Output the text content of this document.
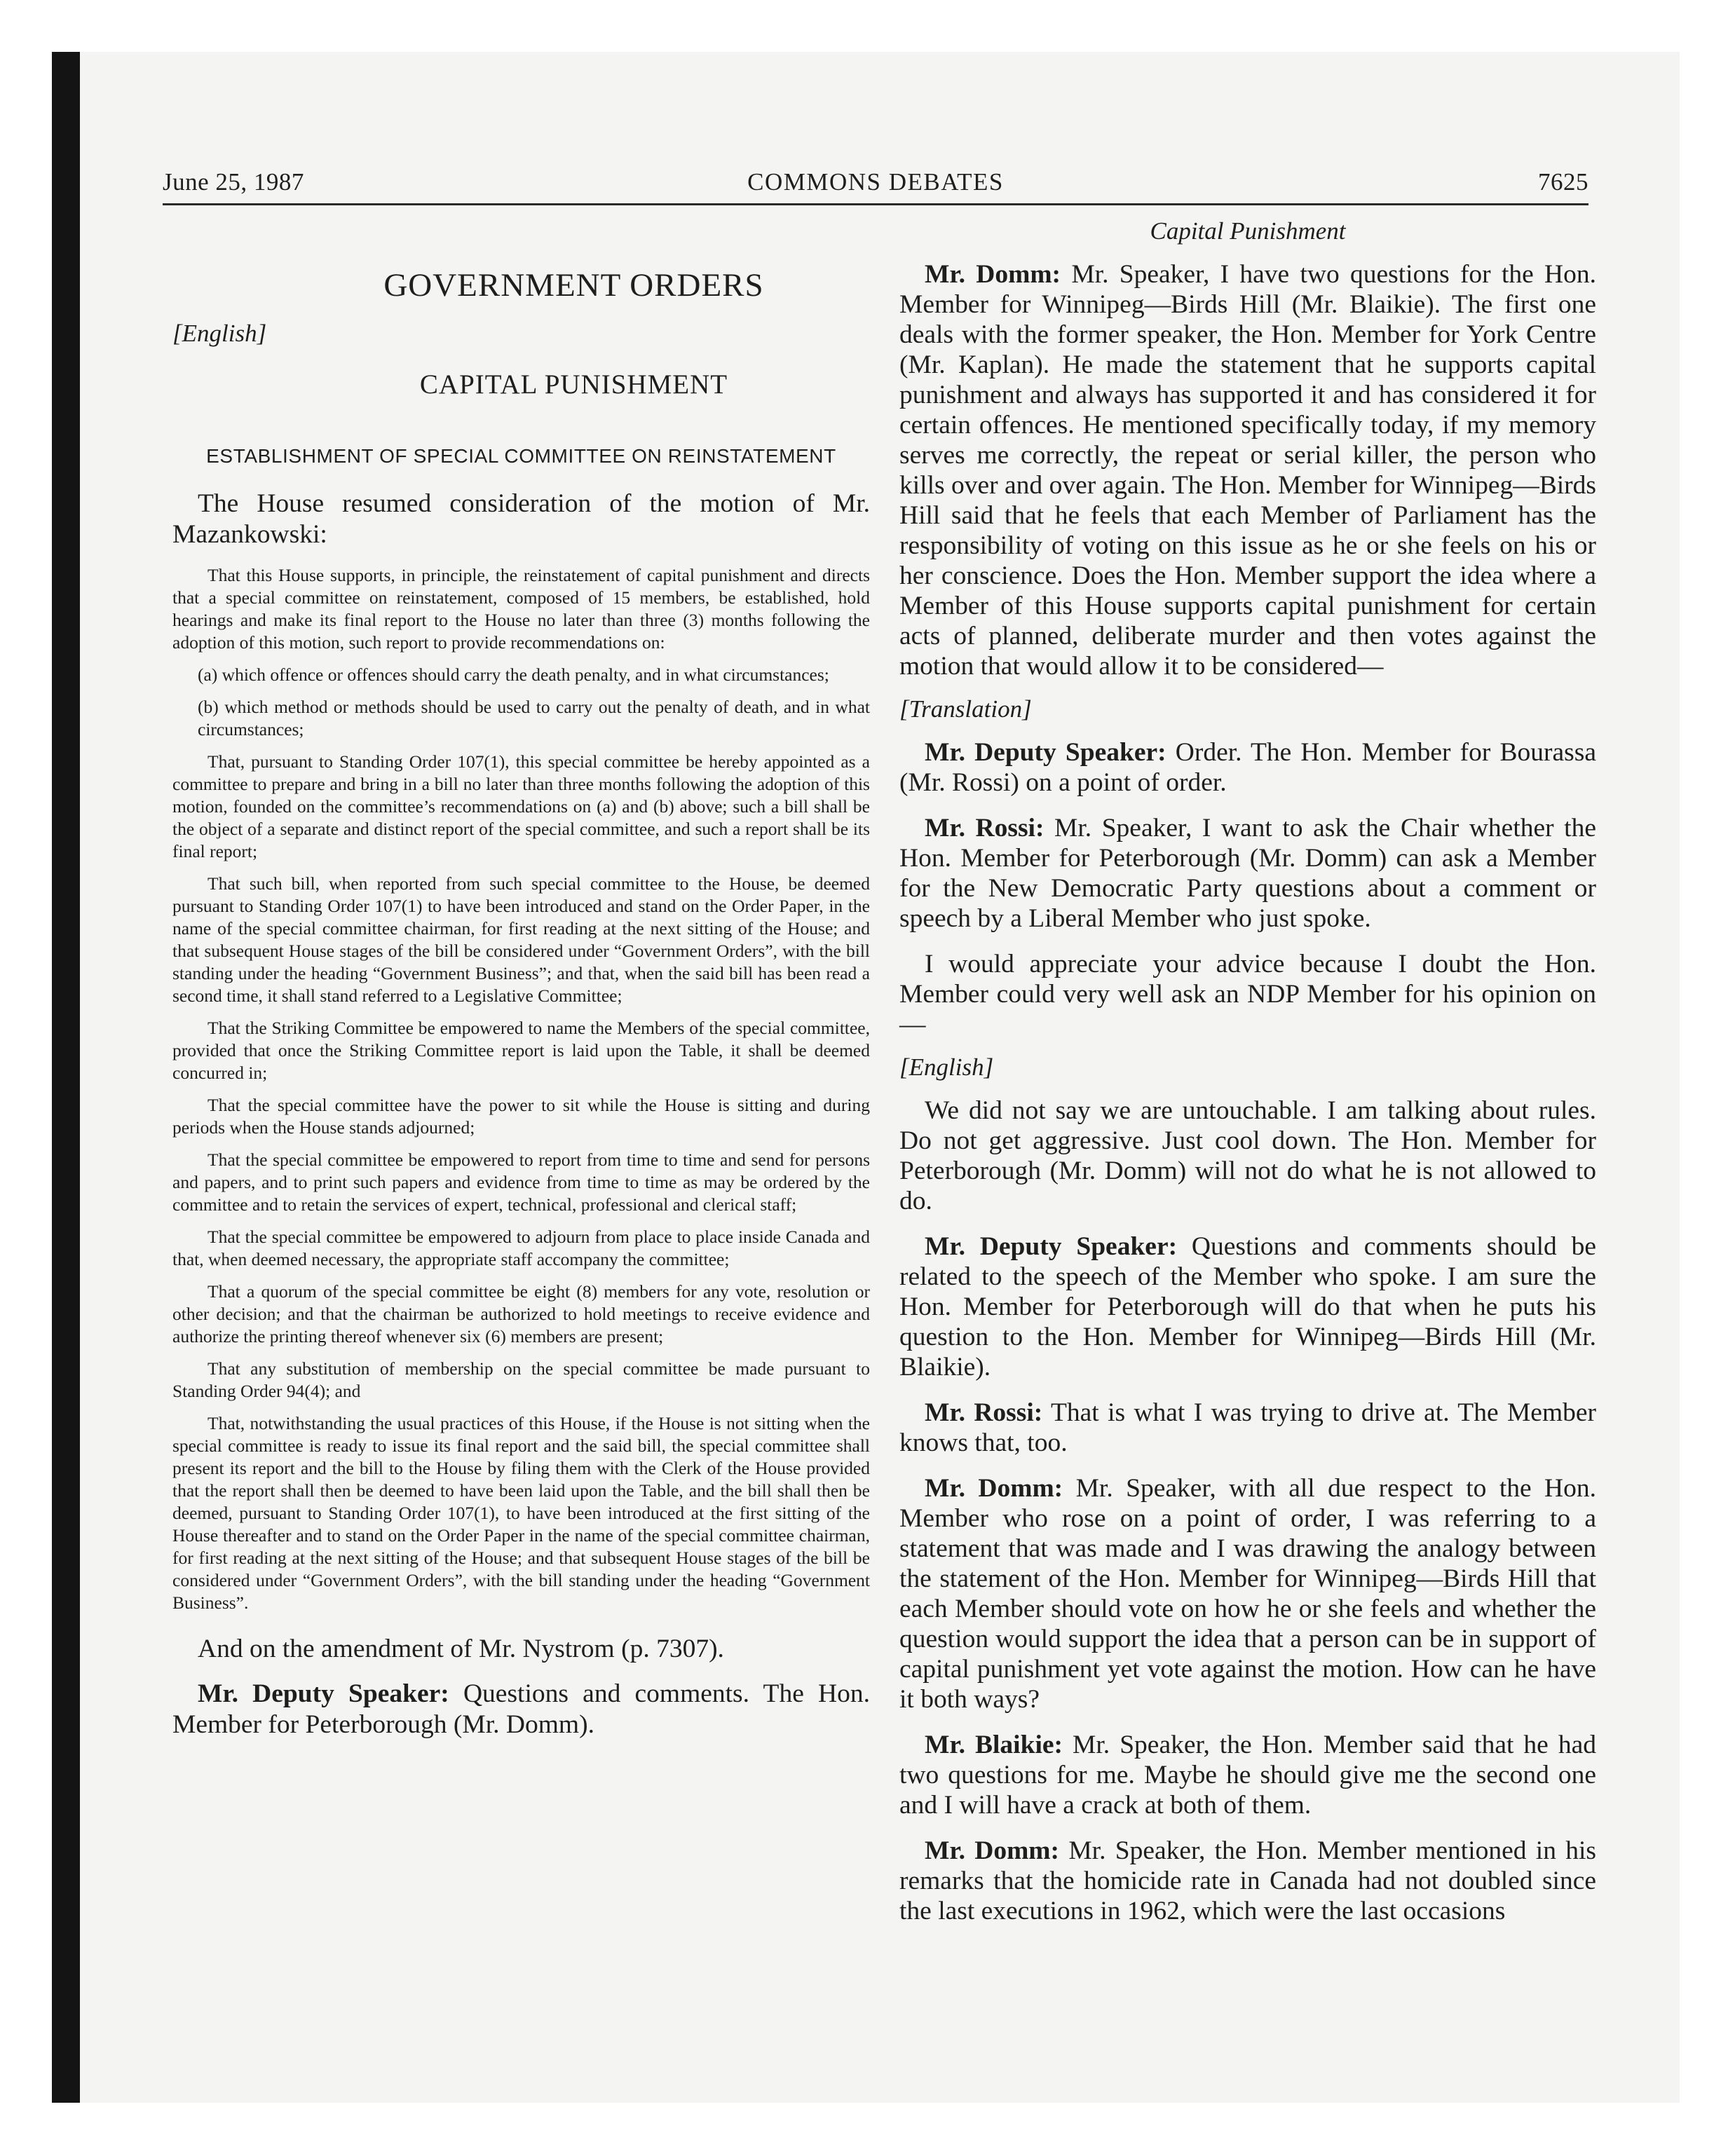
June 25, 1987	COMMONS DEBATES	7625
GOVERNMENT ORDERS
[English]
CAPITAL PUNISHMENT
ESTABLISHMENT OF SPECIAL COMMITTEE ON REINSTATEMENT

The House resumed consideration of the motion of Mr. Mazankowski:

That this House supports, in principle, the reinstatement of capital punishment and directs that a special committee on reinstatement, composed of 15 members, be established, hold hearings and make its final report to the House no later than three (3) months following the adoption of this motion, such report to provide recommendations on:

(a) which offence or offences should carry the death penalty, and in what circumstances;

(b) which method or methods should be used to carry out the penalty of death, and in what circumstances;

That, pursuant to Standing Order 107(1), this special committee be hereby appointed as a committee to prepare and bring in a bill no later than three months following the adoption of this motion, founded on the committee’s recommendations on (a) and (b) above; such a bill shall be the object of a separate and distinct report of the special committee, and such a report shall be its final report;

That such bill, when reported from such special committee to the House, be deemed pursuant to Standing Order 107(1) to have been introduced and stand on the Order Paper, in the name of the special committee chairman, for first reading at the next sitting of the House; and that subsequent House stages of the bill be considered under “Government Orders”, with the bill standing under the heading “Government Business”; and that, when the said bill has been read a second time, it shall stand referred to a Legislative Committee;

That the Striking Committee be empowered to name the Members of the special committee, provided that once the Striking Committee report is laid upon the Table, it shall be deemed concurred in;

That the special committee have the power to sit while the House is sitting and during periods when the House stands adjourned;

That the special committee be empowered to report from time to time and send for persons and papers, and to print such papers and evidence from time to time as may be ordered by the committee and to retain the services of expert, technical, professional and clerical staff;

That the special committee be empowered to adjourn from place to place inside Canada and that, when deemed necessary, the appropriate staff accompany the committee;

That a quorum of the special committee be eight (8) members for any vote, resolution or other decision; and that the chairman be authorized to hold meetings to receive evidence and authorize the printing thereof whenever six (6) members are present;

That any substitution of membership on the special committee be made pursuant to Standing Order 94(4); and

That, notwithstanding the usual practices of this House, if the House is not sitting when the special committee is ready to issue its final report and the said bill, the special committee shall present its report and the bill to the House by filing them with the Clerk of the House provided that the report shall then be deemed to have been laid upon the Table, and the bill shall then be deemed, pursuant to Standing Order 107(1), to have been introduced at the first sitting of the House thereafter and to stand on the Order Paper in the name of the special committee chairman, for first reading at the next sitting of the House; and that subsequent House stages of the bill be considered under “Government Orders”, with the bill standing under the heading “Government Business”.

And on the amendment of Mr. Nystrom (p. 7307).

Mr. Deputy Speaker: Questions and comments. The Hon. Member for Peterborough (Mr. Domm).

Capital Punishment

Mr. Domm: Mr. Speaker, I have two questions for the Hon. Member for Winnipeg—Birds Hill (Mr. Blaikie). The first one deals with the former speaker, the Hon. Member for York Centre (Mr. Kaplan). He made the statement that he supports capital punishment and always has supported it and has considered it for certain offences. He mentioned specifically today, if my memory serves me correctly, the repeat or serial killer, the person who kills over and over again. The Hon. Member for Winnipeg—Birds Hill said that he feels that each Member of Parliament has the responsibility of voting on this issue as he or she feels on his or her conscience. Does the Hon. Member support the idea where a Member of this House supports capital punishment for certain acts of planned, deliberate murder and then votes against the motion that would allow it to be considered—

[Translation]

Mr. Deputy Speaker: Order. The Hon. Member for Bourassa (Mr. Rossi) on a point of order.

Mr. Rossi: Mr. Speaker, I want to ask the Chair whether the Hon. Member for Peterborough (Mr. Domm) can ask a Member for the New Democratic Party questions about a comment or speech by a Liberal Member who just spoke.

I would appreciate your advice because I doubt the Hon. Member could very well ask an NDP Member for his opinion on—

[English]

We did not say we are untouchable. I am talking about rules. Do not get aggressive. Just cool down. The Hon. Member for Peterborough (Mr. Domm) will not do what he is not allowed to do.

Mr. Deputy Speaker: Questions and comments should be related to the speech of the Member who spoke. I am sure the Hon. Member for Peterborough will do that when he puts his question to the Hon. Member for Winnipeg—Birds Hill (Mr. Blaikie).

Mr. Rossi: That is what I was trying to drive at. The Member knows that, too.

Mr. Domm: Mr. Speaker, with all due respect to the Hon. Member who rose on a point of order, I was referring to a statement that was made and I was drawing the analogy between the statement of the Hon. Member for Winnipeg—Birds Hill that each Member should vote on how he or she feels and whether the question would support the idea that a person can be in support of capital punishment yet vote against the motion. How can he have it both ways?

Mr. Blaikie: Mr. Speaker, the Hon. Member said that he had two questions for me. Maybe he should give me the second one and I will have a crack at both of them.

Mr. Domm: Mr. Speaker, the Hon. Member mentioned in his remarks that the homicide rate in Canada had not doubled since the last executions in 1962, which were the last occasions
